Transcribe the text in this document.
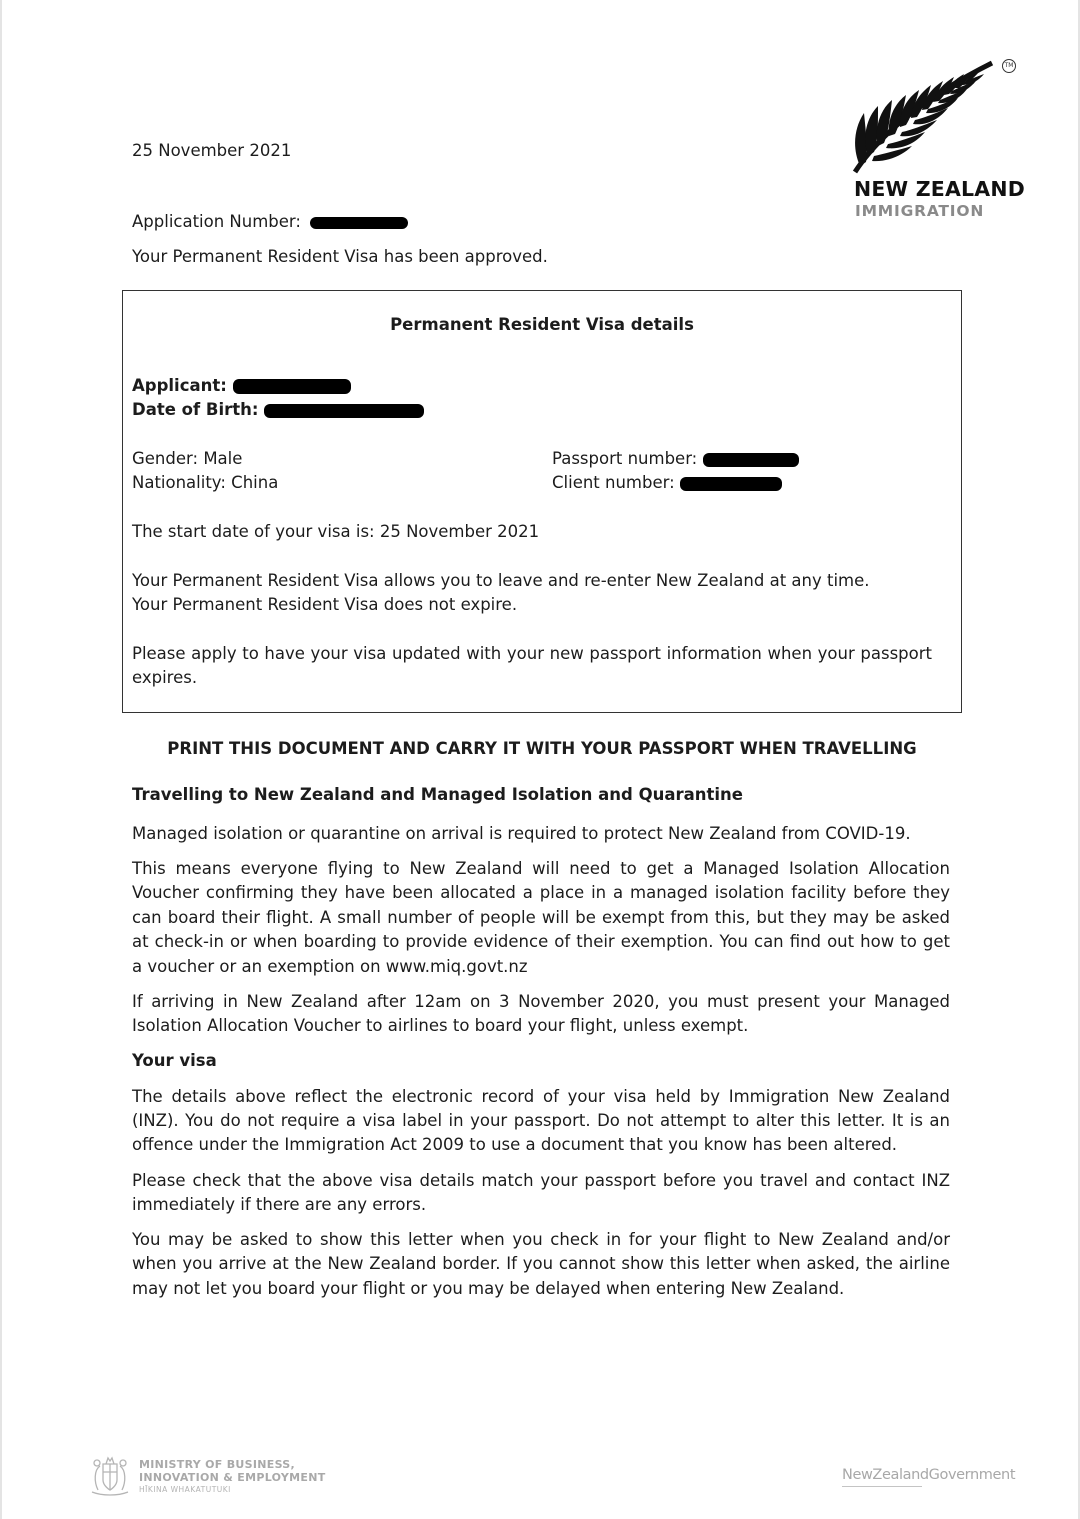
TM
NEW ZEALAND
IMMIGRATION
25 November 2021
Application Number:
Your Permanent Resident Visa has been approved.
Permanent Resident Visa details
Applicant:
Date of Birth:
Gender: Male
Nationality: China
Passport number:
Client number:
The start date of your visa is: 25 November 2021
Your Permanent Resident Visa allows you to leave and re-enter New Zealand at any time.
Your Permanent Resident Visa does not expire.
Please apply to have your visa updated with your new passport information when your passport expires.
PRINT THIS DOCUMENT AND CARRY IT WITH YOUR PASSPORT WHEN TRAVELLING
Travelling to New Zealand and Managed Isolation and Quarantine
Managed isolation or quarantine on arrival is required to protect New Zealand from COVID-19.
This means everyone flying to New Zealand will need to get a Managed Isolation Allocation Voucher confirming they have been allocated a place in a managed isolation facility before they can board their flight. A small number of people will be exempt from this, but they may be asked at check-in or when boarding to provide evidence of their exemption. You can find out how to get a voucher or an exemption on www.miq.govt.nz
If arriving in New Zealand after 12am on 3 November 2020, you must present your Managed Isolation Allocation Voucher to airlines to board your flight, unless exempt.
Your visa
The details above reflect the electronic record of your visa held by Immigration New Zealand (INZ). You do not require a visa label in your passport. Do not attempt to alter this letter. It is an offence under the Immigration Act 2009 to use a document that you know has been altered.
Please check that the above visa details match your passport before you travel and contact INZ immediately if there are any errors.
You may be asked to show this letter when you check in for your flight to New Zealand and/or when you arrive at the New Zealand border. If you cannot show this letter when asked, the airline may not let you board your flight or you may be delayed when entering New Zealand.
MINISTRY OF BUSINESS,
INNOVATION & EMPLOYMENT
HĪKINA WHAKATUTUKI
NewZealandGovernment
